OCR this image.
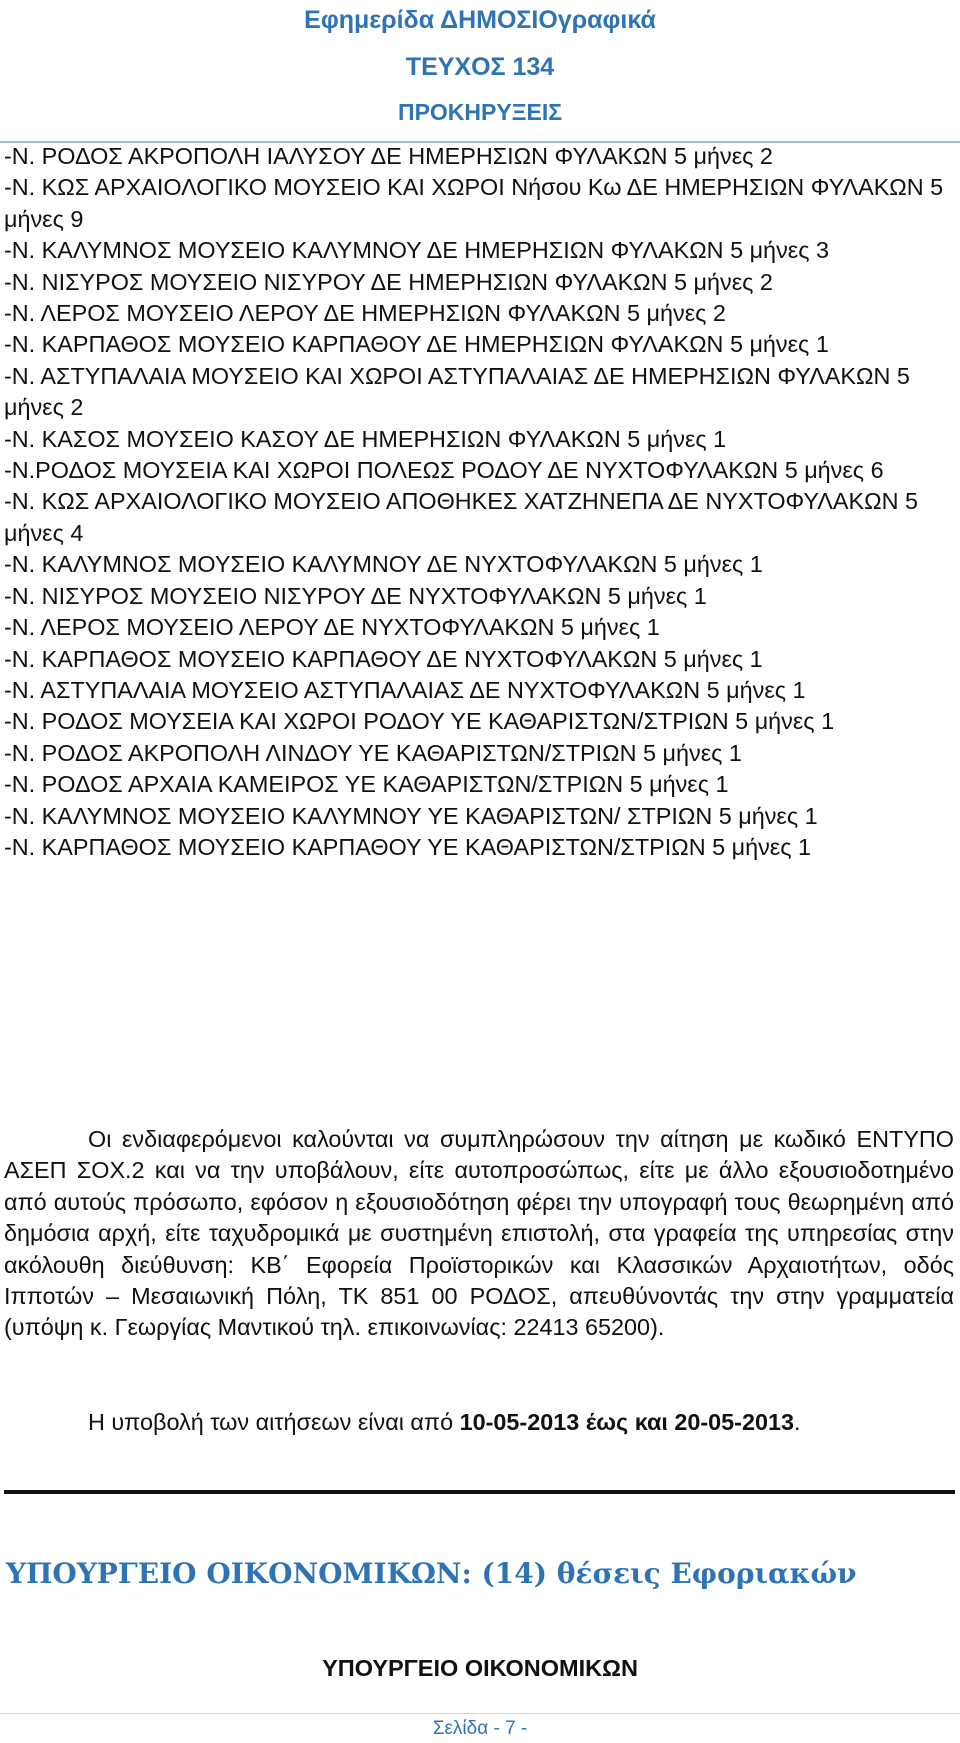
Εφημερίδα ΔΗΜΟΣΙΟγραφικά
ΤΕΥΧΟΣ 134
ΠΡΟΚΗΡΥΞΕΙΣ
-Ν. ΡΟΔΟΣ ΑΚΡΟΠΟΛΗ ΙΑΛΥΣΟΥ ΔΕ ΗΜΕΡΗΣΙΩΝ ΦΥΛΑΚΩΝ 5 μήνες 2
-Ν. ΚΩΣ ΑΡΧΑΙΟΛΟΓΙΚΟ ΜΟΥΣΕΙΟ ΚΑΙ ΧΩΡΟΙ Νήσου Κω ΔΕ ΗΜΕΡΗΣΙΩΝ ΦΥΛΑΚΩΝ 5 μήνες 9
-Ν. ΚΑΛΥΜΝΟΣ ΜΟΥΣΕΙΟ ΚΑΛΥΜΝΟΥ ΔΕ ΗΜΕΡΗΣΙΩΝ ΦΥΛΑΚΩΝ 5 μήνες 3
-Ν. ΝΙΣΥΡΟΣ ΜΟΥΣΕΙΟ ΝΙΣΥΡΟΥ ΔΕ ΗΜΕΡΗΣΙΩΝ ΦΥΛΑΚΩΝ 5 μήνες 2
-Ν. ΛΕΡΟΣ ΜΟΥΣΕΙΟ ΛΕΡΟΥ ΔΕ ΗΜΕΡΗΣΙΩΝ ΦΥΛΑΚΩΝ 5 μήνες 2
-Ν. ΚΑΡΠΑΘΟΣ ΜΟΥΣΕΙΟ ΚΑΡΠΑΘΟΥ ΔΕ ΗΜΕΡΗΣΙΩΝ ΦΥΛΑΚΩΝ 5 μήνες 1
-Ν. ΑΣΤΥΠΑΛΑΙΑ ΜΟΥΣΕΙΟ ΚΑΙ ΧΩΡΟΙ ΑΣΤΥΠΑΛΑΙΑΣ ΔΕ ΗΜΕΡΗΣΙΩΝ ΦΥΛΑΚΩΝ 5 μήνες 2
-Ν. ΚΑΣΟΣ ΜΟΥΣΕΙΟ ΚΑΣΟΥ ΔΕ ΗΜΕΡΗΣΙΩΝ ΦΥΛΑΚΩΝ 5 μήνες 1
-Ν.ΡΟΔΟΣ ΜΟΥΣΕΙΑ ΚΑΙ ΧΩΡΟΙ ΠΟΛΕΩΣ ΡΟΔΟΥ ΔΕ ΝΥΧΤΟΦΥΛΑΚΩΝ 5 μήνες 6
-Ν. ΚΩΣ ΑΡΧΑΙΟΛΟΓΙΚΟ ΜΟΥΣΕΙΟ ΑΠΟΘΗΚΕΣ ΧΑΤΖΗΝΕΠΑ ΔΕ ΝΥΧΤΟΦΥΛΑΚΩΝ 5 μήνες 4
-Ν. ΚΑΛΥΜΝΟΣ ΜΟΥΣΕΙΟ ΚΑΛΥΜΝΟΥ ΔΕ ΝΥΧΤΟΦΥΛΑΚΩΝ 5 μήνες 1
-Ν. ΝΙΣΥΡΟΣ ΜΟΥΣΕΙΟ ΝΙΣΥΡΟΥ ΔΕ ΝΥΧΤΟΦΥΛΑΚΩΝ 5 μήνες 1
-Ν. ΛΕΡΟΣ ΜΟΥΣΕΙΟ ΛΕΡΟΥ ΔΕ ΝΥΧΤΟΦΥΛΑΚΩΝ 5 μήνες 1
-Ν. ΚΑΡΠΑΘΟΣ ΜΟΥΣΕΙΟ ΚΑΡΠΑΘΟΥ ΔΕ ΝΥΧΤΟΦΥΛΑΚΩΝ 5 μήνες 1
-Ν. ΑΣΤΥΠΑΛΑΙΑ ΜΟΥΣΕΙΟ ΑΣΤΥΠΑΛΑΙΑΣ ΔΕ ΝΥΧΤΟΦΥΛΑΚΩΝ 5 μήνες 1
-Ν. ΡΟΔΟΣ ΜΟΥΣΕΙΑ ΚΑΙ ΧΩΡΟΙ ΡΟΔΟΥ ΥΕ ΚΑΘΑΡΙΣΤΩΝ/ΣΤΡΙΩΝ 5 μήνες 1
-Ν. ΡΟΔΟΣ ΑΚΡΟΠΟΛΗ ΛΙΝΔΟΥ ΥΕ ΚΑΘΑΡΙΣΤΩΝ/ΣΤΡΙΩΝ 5 μήνες 1
-Ν. ΡΟΔΟΣ ΑΡΧΑΙΑ ΚΑΜΕΙΡΟΣ ΥΕ ΚΑΘΑΡΙΣΤΩΝ/ΣΤΡΙΩΝ 5 μήνες 1
-Ν. ΚΑΛΥΜΝΟΣ ΜΟΥΣΕΙΟ ΚΑΛΥΜΝΟΥ ΥΕ ΚΑΘΑΡΙΣΤΩΝ/ ΣΤΡΙΩΝ 5 μήνες 1
-Ν. ΚΑΡΠΑΘΟΣ ΜΟΥΣΕΙΟ ΚΑΡΠΑΘΟΥ ΥΕ ΚΑΘΑΡΙΣΤΩΝ/ΣΤΡΙΩΝ 5 μήνες 1
Οι ενδιαφερόμενοι καλούνται να συμπληρώσουν την αίτηση με κωδικό ΕΝΤΥΠΟ ΑΣΕΠ ΣΟΧ.2 και να την υποβάλουν, είτε αυτοπροσώπως, είτε με άλλο εξουσιοδοτημένο από αυτούς πρόσωπο, εφόσον η εξουσιοδότηση φέρει την υπογραφή τους θεωρημένη από δημόσια αρχή, είτε ταχυδρομικά με συστημένη επιστολή, στα γραφεία της υπηρεσίας στην ακόλουθη διεύθυνση: ΚΒ΄ Εφορεία Προϊστορικών και Κλασσικών Αρχαιοτήτων, οδός Ιπποτών – Μεσαιωνική Πόλη, ΤΚ 851 00 ΡΟΔΟΣ, απευθύνοντάς την στην γραμματεία (υπόψη κ. Γεωργίας Μαντικού τηλ. επικοινωνίας: 22413 65200).
Η υποβολή των αιτήσεων είναι από 10-05-2013 έως και 20-05-2013.
ΥΠΟΥΡΓΕΙΟ ΟΙΚΟΝΟΜΙΚΩΝ: (14) θέσεις Εφοριακών
ΥΠΟΥΡΓΕΙΟ ΟΙΚΟΝΟΜΙΚΩΝ
Σελίδα - 7 -
